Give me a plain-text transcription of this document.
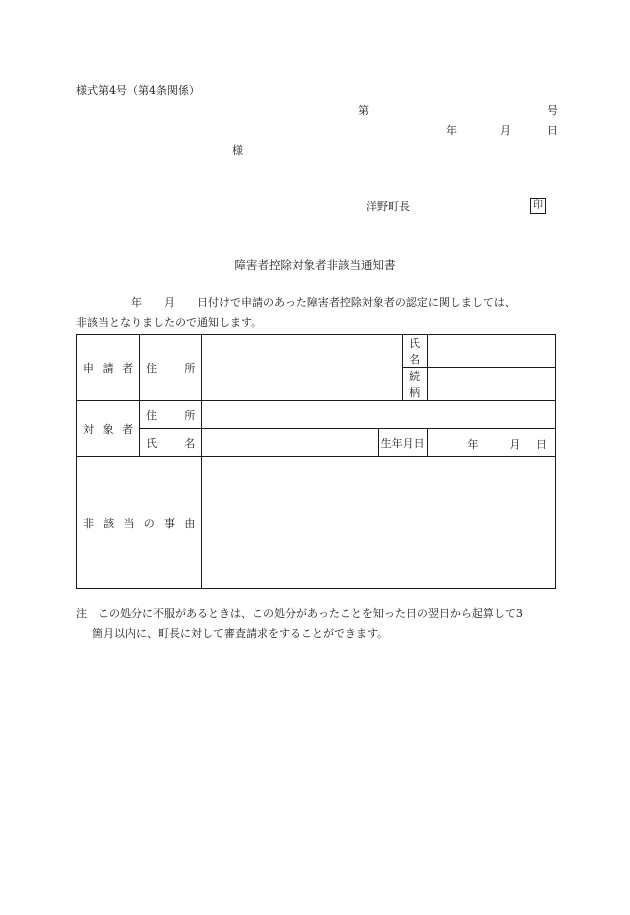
様式第4号（第4条関係）
第	号
年	月	日
様
洋野町長	印
障害者控除対象者非該当通知書
　　　　　年　　月　　日付けで申請のあった障害者控除対象者の認定に関しましては、
非該当となりましたので通知します。
申請者	住所			氏名	
				続柄	
対象者	住所				
	氏名		生年月日		年 月 日

非該当の事由					
注　この処分に不服があるときは、この処分があったことを知った日の翌日から起算して3
箇月以内に、町長に対して審査請求をすることができます。
